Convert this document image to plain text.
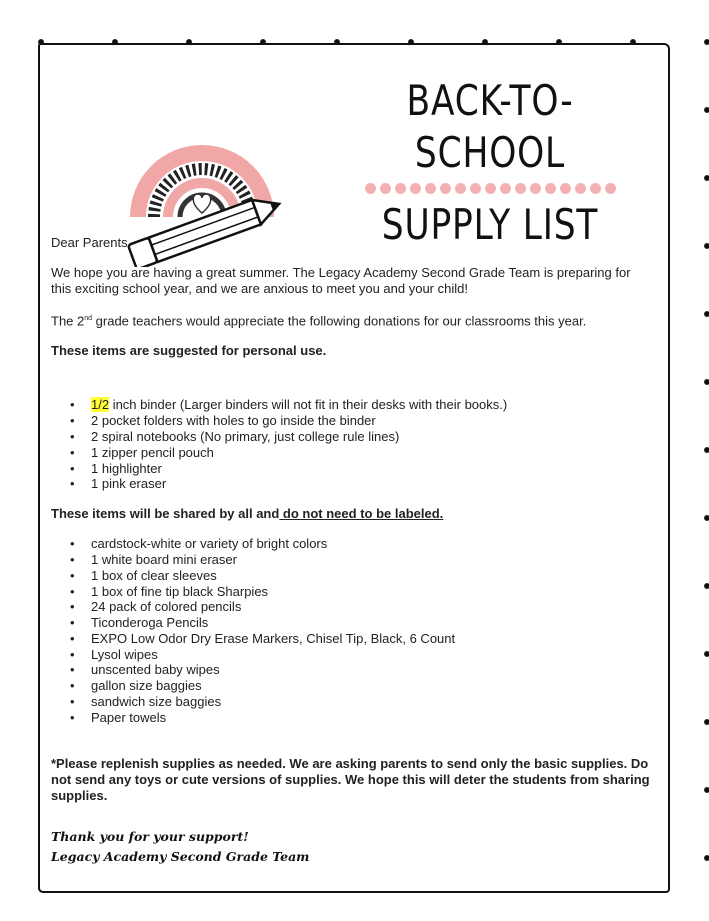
BACK-TO-SCHOOL
SUPPLY LIST

Dear Parents,

We hope you are having a great summer. The Legacy Academy Second Grade Team is preparing for this exciting school year, and we are anxious to meet you and your child!

The 2nd grade teachers would appreciate the following donations for our classrooms this year.

These items are suggested for personal use.

• 1/2 inch binder (Larger binders will not fit in their desks with their books.)
• 2 pocket folders with holes to go inside the binder
• 2 spiral notebooks (No primary, just college rule lines)
• 1 zipper pencil pouch
• 1 highlighter
• 1 pink eraser

These items will be shared by all and do not need to be labeled.

• cardstock-white or variety of bright colors
• 1 white board mini eraser
• 1 box of clear sleeves
• 1 box of fine tip black Sharpies
• 24 pack of colored pencils
• Ticonderoga Pencils
• EXPO Low Odor Dry Erase Markers, Chisel Tip, Black, 6 Count
• Lysol wipes
• unscented baby wipes
• gallon size baggies
• sandwich size baggies
• Paper towels

*Please replenish supplies as needed. We are asking parents to send only the basic supplies. Do not send any toys or cute versions of supplies. We hope this will deter the students from sharing supplies.

Thank you for your support!
Legacy Academy Second Grade Team
